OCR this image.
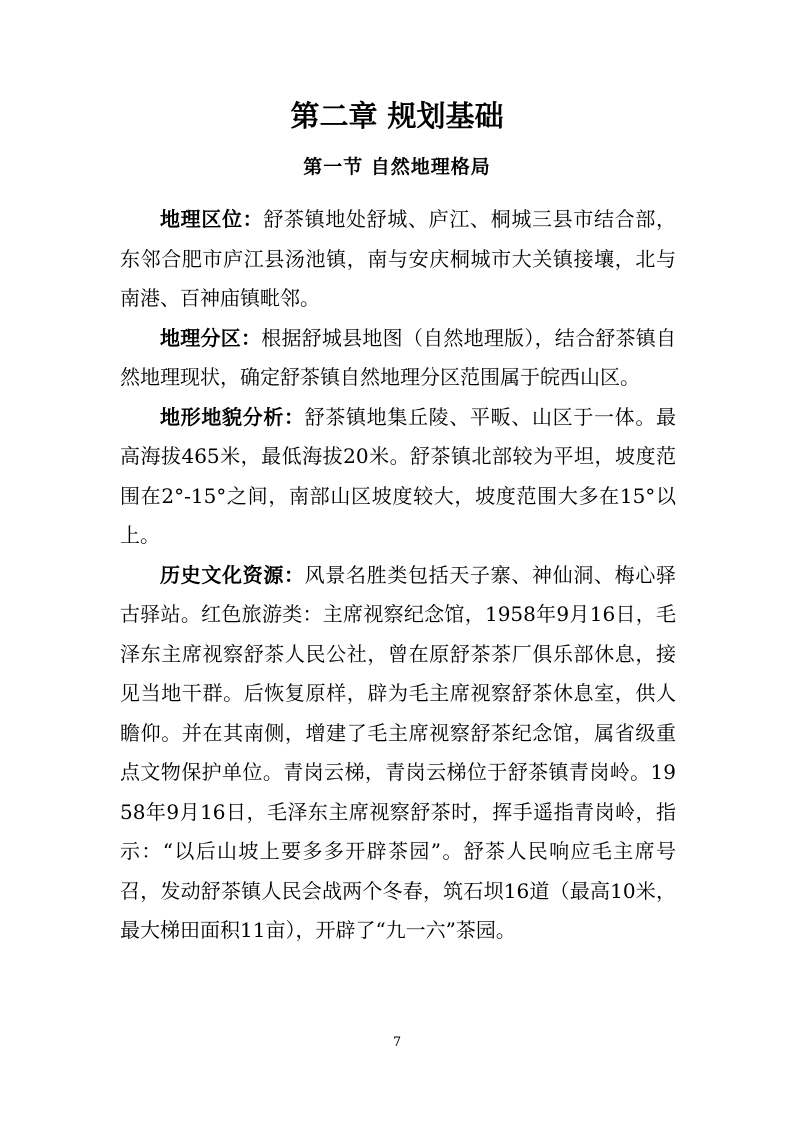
第二章 规划基础
第一节 自然地理格局

地理区位：舒茶镇地处舒城、庐江、桐城三县市结合部，东邻合肥市庐江县汤池镇，南与安庆桐城市大关镇接壤，北与南港、百神庙镇毗邻。

地理分区：根据舒城县地图（自然地理版），结合舒茶镇自然地理现状，确定舒茶镇自然地理分区范围属于皖西山区。

地形地貌分析：舒茶镇地集丘陵、平畈、山区于一体。最高海拔465米，最低海拔20米。舒茶镇北部较为平坦，坡度范围在2°-15°之间，南部山区坡度较大，坡度范围大多在15°以上。

历史文化资源：风景名胜类包括天子寨、神仙洞、梅心驿古驿站。红色旅游类：主席视察纪念馆，1958年9月16日，毛泽东主席视察舒茶人民公社，曾在原舒茶茶厂俱乐部休息，接见当地干群。后恢复原样，辟为毛主席视察舒茶休息室，供人瞻仰。并在其南侧，增建了毛主席视察舒茶纪念馆，属省级重点文物保护单位。青岗云梯，青岗云梯位于舒茶镇青岗岭。1958年9月16日，毛泽东主席视察舒茶时，挥手遥指青岗岭，指示：“以后山坡上要多多开辟茶园”。舒茶人民响应毛主席号召，发动舒茶镇人民会战两个冬春，筑石坝16道（最高10米，最大梯田面积11亩），开辟了“九一六”茶园。

7
